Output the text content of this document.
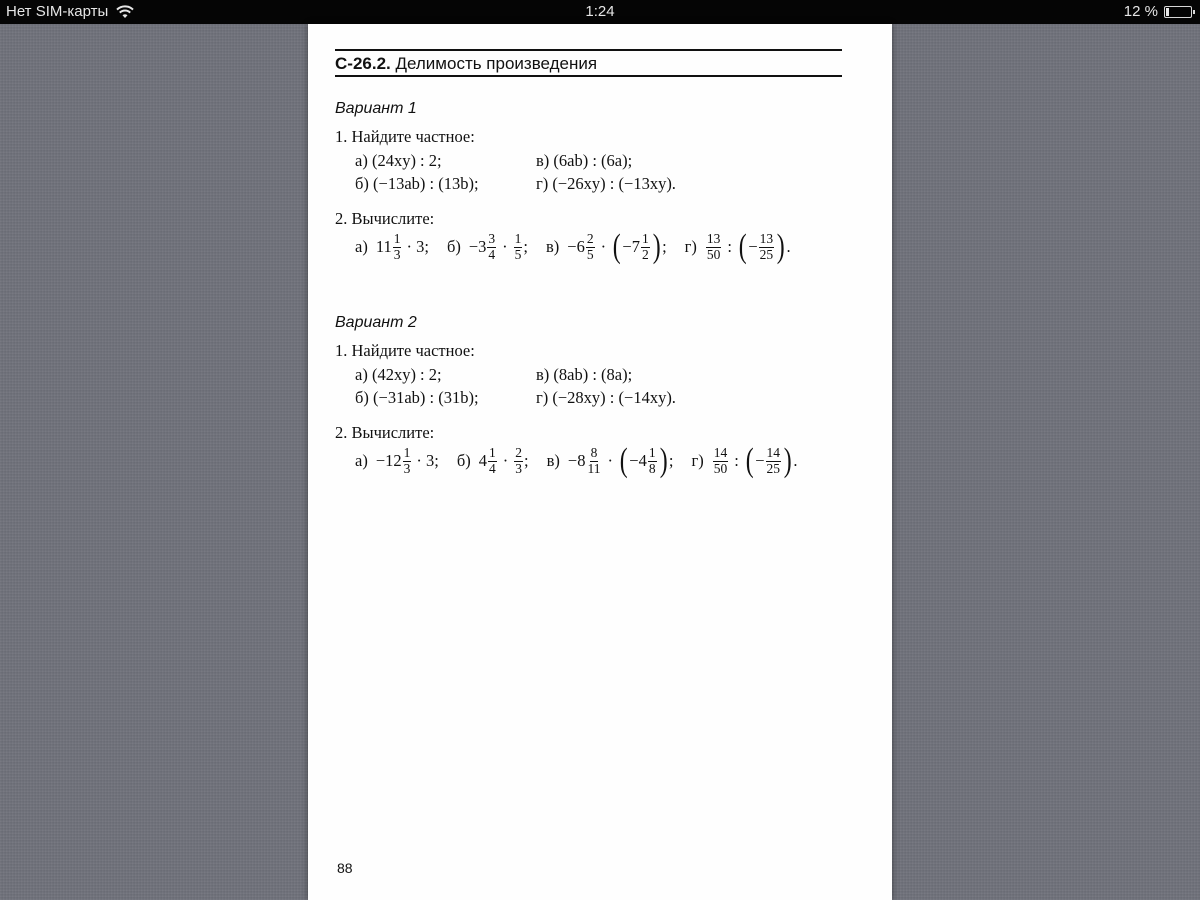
Нет SIM-карты	1:24	12 %
С-26.2. Делимость произведения
Вариант 1
1. Найдите частное:
а) (24xy) : 2;
б) (−13ab) : (13b);
в) (6ab) : (6a);
г) (−26xy) : (−13xy).
2. Вычислите:
а) $11 \frac{1}{3} \cdot 3$; $б) -3 \frac{3}{4} \cdot \frac{1}{5}$ ; $в) -6 \frac{2}{5}$ · ( $-7 \frac{1}{2}$ ) ; $г) \frac{13}{50}$ : ( − $\frac{13}{25}$ ) .
Вариант 2
1. Найдите частное:
а) (42xy) : 2;
б) (−31ab) : (31b);
в) (8ab) : (8a);
г) (−28xy) : (−14xy).
2. Вычислите:
$а) -12 \frac{1}{3} \cdot 3$; б) $4 \frac{1}{4} \cdot \frac{2}{3}$ ; $в) -8 \frac{8}{11}$ · ( $-4 \frac{1}{8}$ ) ; $г) \frac{14}{50}$ : ( − $\frac{14}{25}$ ) .
88
